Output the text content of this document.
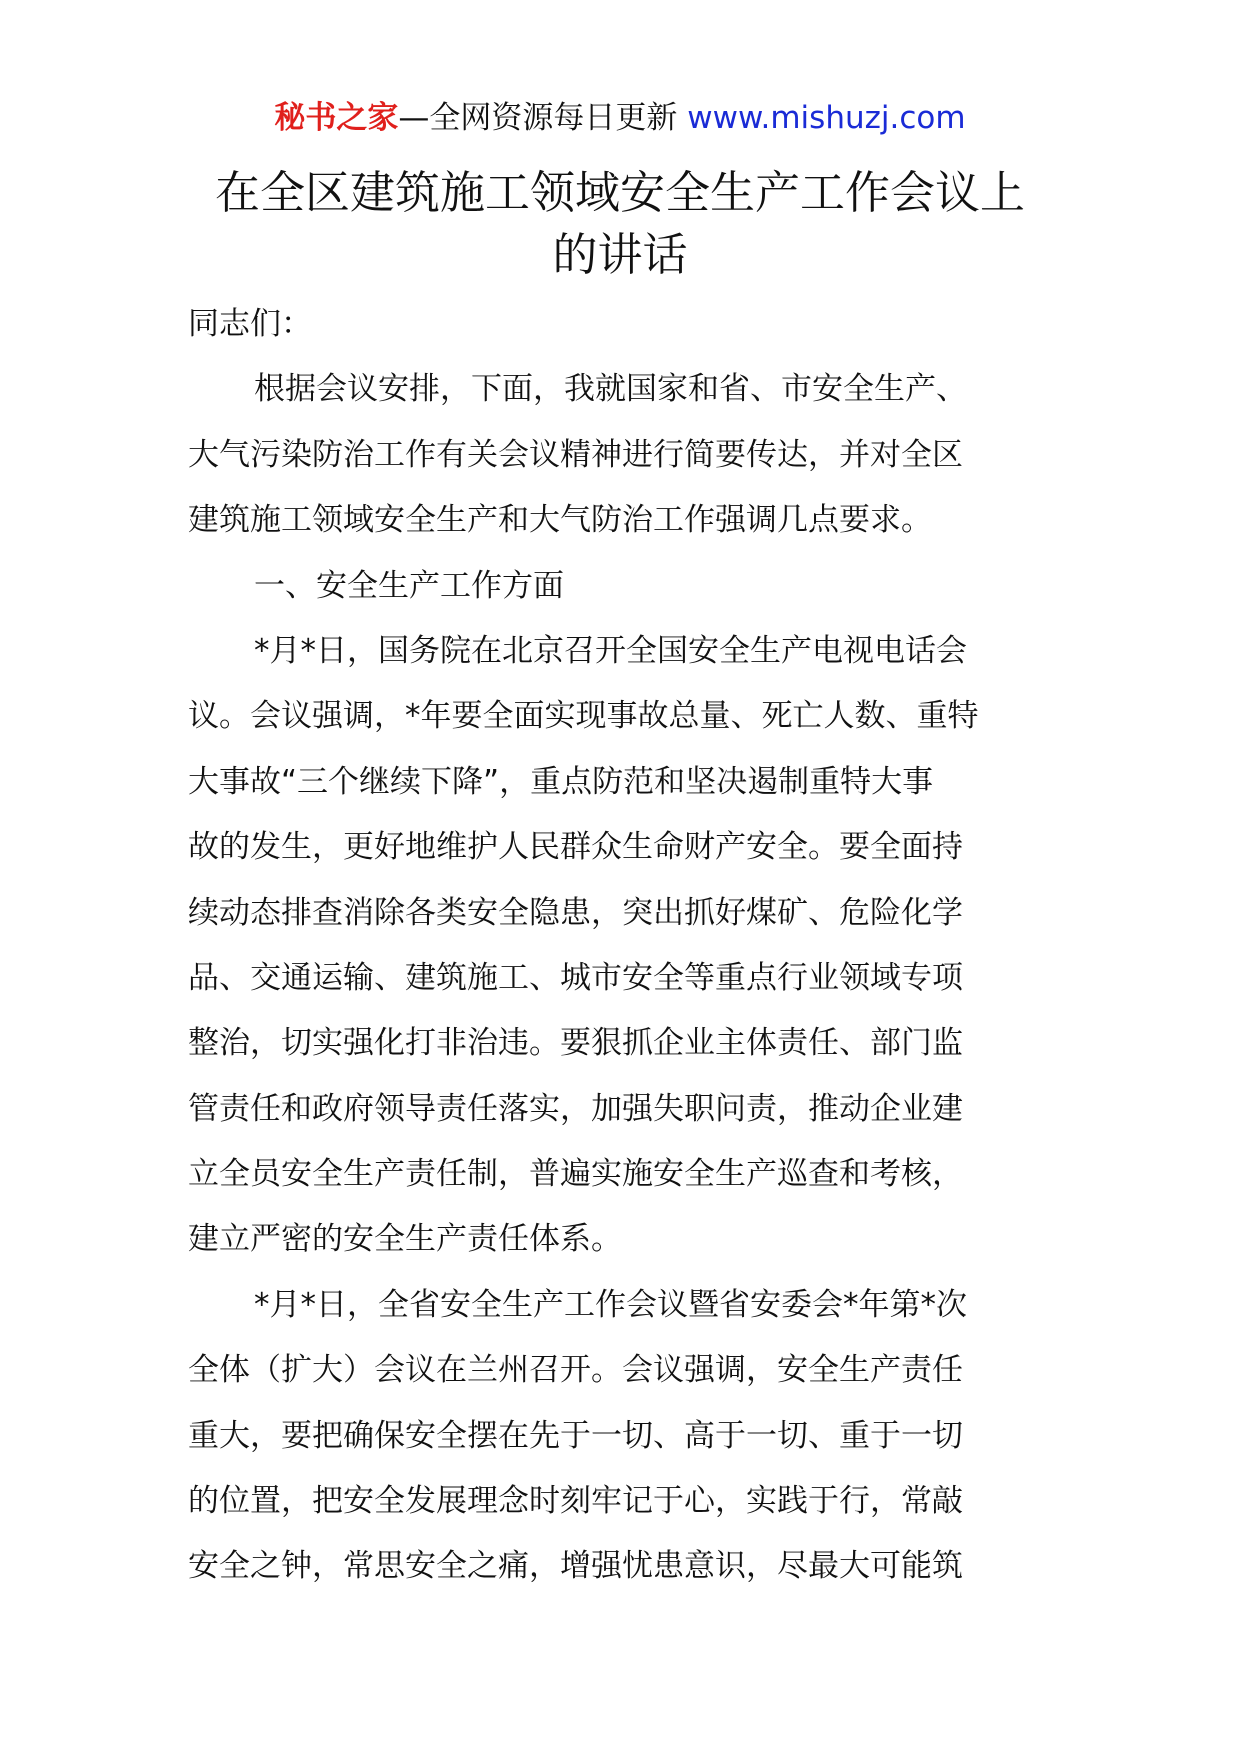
秘书之家—全网资源每日更新 www.mishuzj.com
在全区建筑施工领域安全生产工作会议上
的讲话
同志们：
根据会议安排，下面，我就国家和省、市安全生产、
大气污染防治工作有关会议精神进行简要传达，并对全区
建筑施工领域安全生产和大气防治工作强调几点要求。
一、安全生产工作方面
*月*日，国务院在北京召开全国安全生产电视电话会
议。会议强调，*年要全面实现事故总量、死亡人数、重特
大事故“三个继续下降”，重点防范和坚决遏制重特大事
故的发生，更好地维护人民群众生命财产安全。要全面持
续动态排查消除各类安全隐患，突出抓好煤矿、危险化学
品、交通运输、建筑施工、城市安全等重点行业领域专项
整治，切实强化打非治违。要狠抓企业主体责任、部门监
管责任和政府领导责任落实，加强失职问责，推动企业建
立全员安全生产责任制，普遍实施安全生产巡查和考核，
建立严密的安全生产责任体系。
*月*日，全省安全生产工作会议暨省安委会*年第*次
全体（扩大）会议在兰州召开。会议强调，安全生产责任
重大，要把确保安全摆在先于一切、高于一切、重于一切
的位置，把安全发展理念时刻牢记于心，实践于行，常敲
安全之钟，常思安全之痛，增强忧患意识，尽最大可能筑
